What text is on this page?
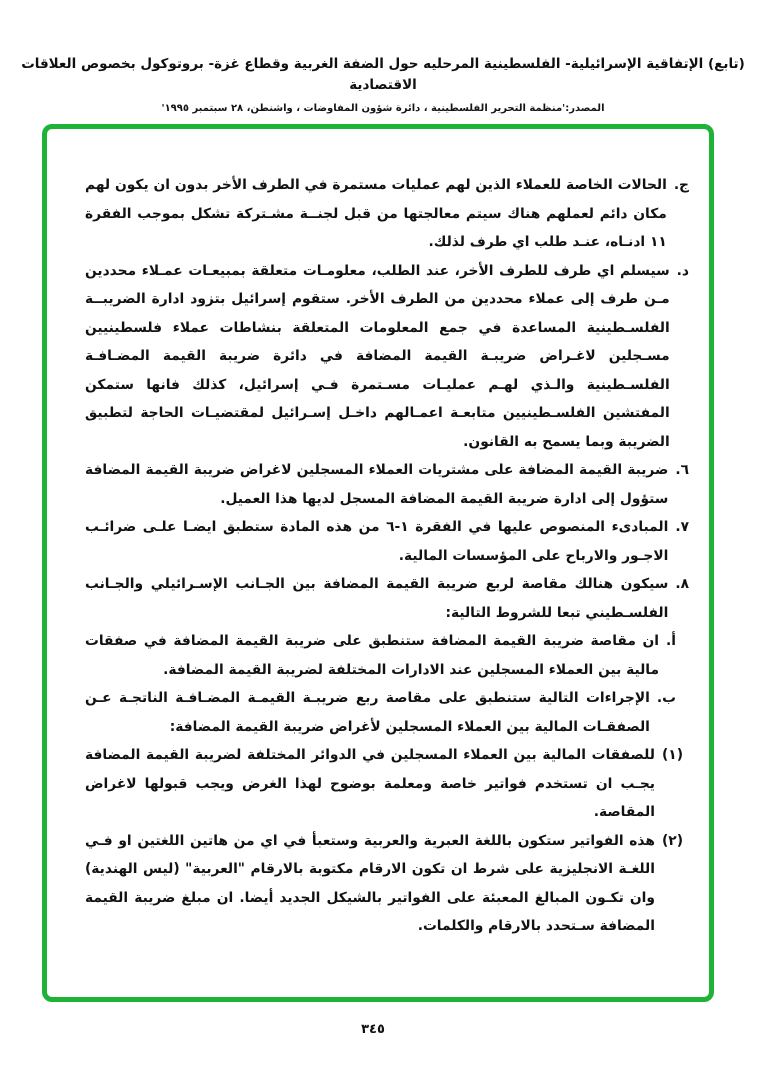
(تابع) الإتفاقية الإسرائيلية- الفلسطينية المرحليه حول الضفة الغربية وقطاع غزة- بروتوكول بخصوص العلاقات الاقتصادية
المصدر:'منظمة التحرير الفلسطينية ، دائرة شؤون المفاوضات ، واشنطن، ٢٨ سبتمبر ١٩٩٥'
ج.
الحالات الخاصة للعملاء الذين لهم عمليات مستمرة في الطرف الأخر بدون ان يكون لهم مكان دائم لعملهم هناك سيتم معالجتها من قبل لجنــة مشـتركة تشكل بموجب الفقرة ١١ ادنـاه، عنـد طلب اي طرف لذلك.
د.
سيسلم اي طرف للطرف الأخر، عند الطلب، معلومـات متعلقة بمبيعـات عمـلاء محددين مـن طرف إلى عملاء محددين من الطرف الأخر. ستقوم إسرائيل بتزود ادارة الضريبــة الفلسـطينية المساعدة في جمع المعلومات المتعلقة بنشاطات عملاء فلسطينيين مسـجلين لاغـراض ضريبـة القيمة المضافة في دائرة ضريبة القيمة المضـافـة الفلسـطينية والـذي لهـم عمليـات مسـتمرة فـي إسرائيل، كذلك فانها ستمكن المفتشين الفلسـطينيين متابعـة اعمـالهم داخـل إسـرائيل لمقتضيـات الحاجة لتطبيق الضريبة وبما يسمح به القانون.
٦.
ضريبة القيمة المضافة على مشتريات العملاء المسجلين لاغراض ضريبة القيمة المضافة ستؤول إلى ادارة ضريبة القيمة المضافة المسجل لديها هذا العميل.
٧.
المبادىء المنصوص عليها في الفقرة ١-٦ من هذه المادة ستطبق ايضـا علـى ضرائـب الاجـور والارباح على المؤسسات المالية.
٨.
سيكون هنالك مقاصة لربع ضريبة القيمة المضافة بين الجـانب الإسـرائيلي والجـانب الفلسـطيني تبعا للشروط التالية:
أ.
ان مقاصة ضريبة القيمة المضافة ستنطبق على ضريبة القيمة المضافة في صفقات مالية بين العملاء المسجلين عند الادارات المختلفة لضريبة القيمة المضافة.
ب.
الإجراءات التالية ستنطبق على مقاصة ربع ضريبـة القيمـة المضـافـة الناتجـة عـن الصفقـات المالية بين العملاء المسجلين لأغراض ضريبة القيمة المضافة:
(١)
للصفقات المالية بين العملاء المسجلين في الدوائر المختلفة لضريبة القيمة المضافة يجـب ان تستخدم فواتير خاصة ومعلمة بوضوح لهذا الغرض ويجب قبولها لاغراض المقاصة.
(٢)
هذه الفواتير ستكون باللغة العبرية والعربية وستعبأ في اي من هاتين اللغتين او فـي اللغـة الانجليزية على شرط ان تكون الارقام مكتوبة بالارقام "العربية" (ليس الهندية) وان تكـون المبالغ المعبئة على الفواتير بالشيكل الجديد أيضا. ان مبلغ ضريبة القيمة المضافة سـتحدد بالارقام والكلمات.
٣٤٥
